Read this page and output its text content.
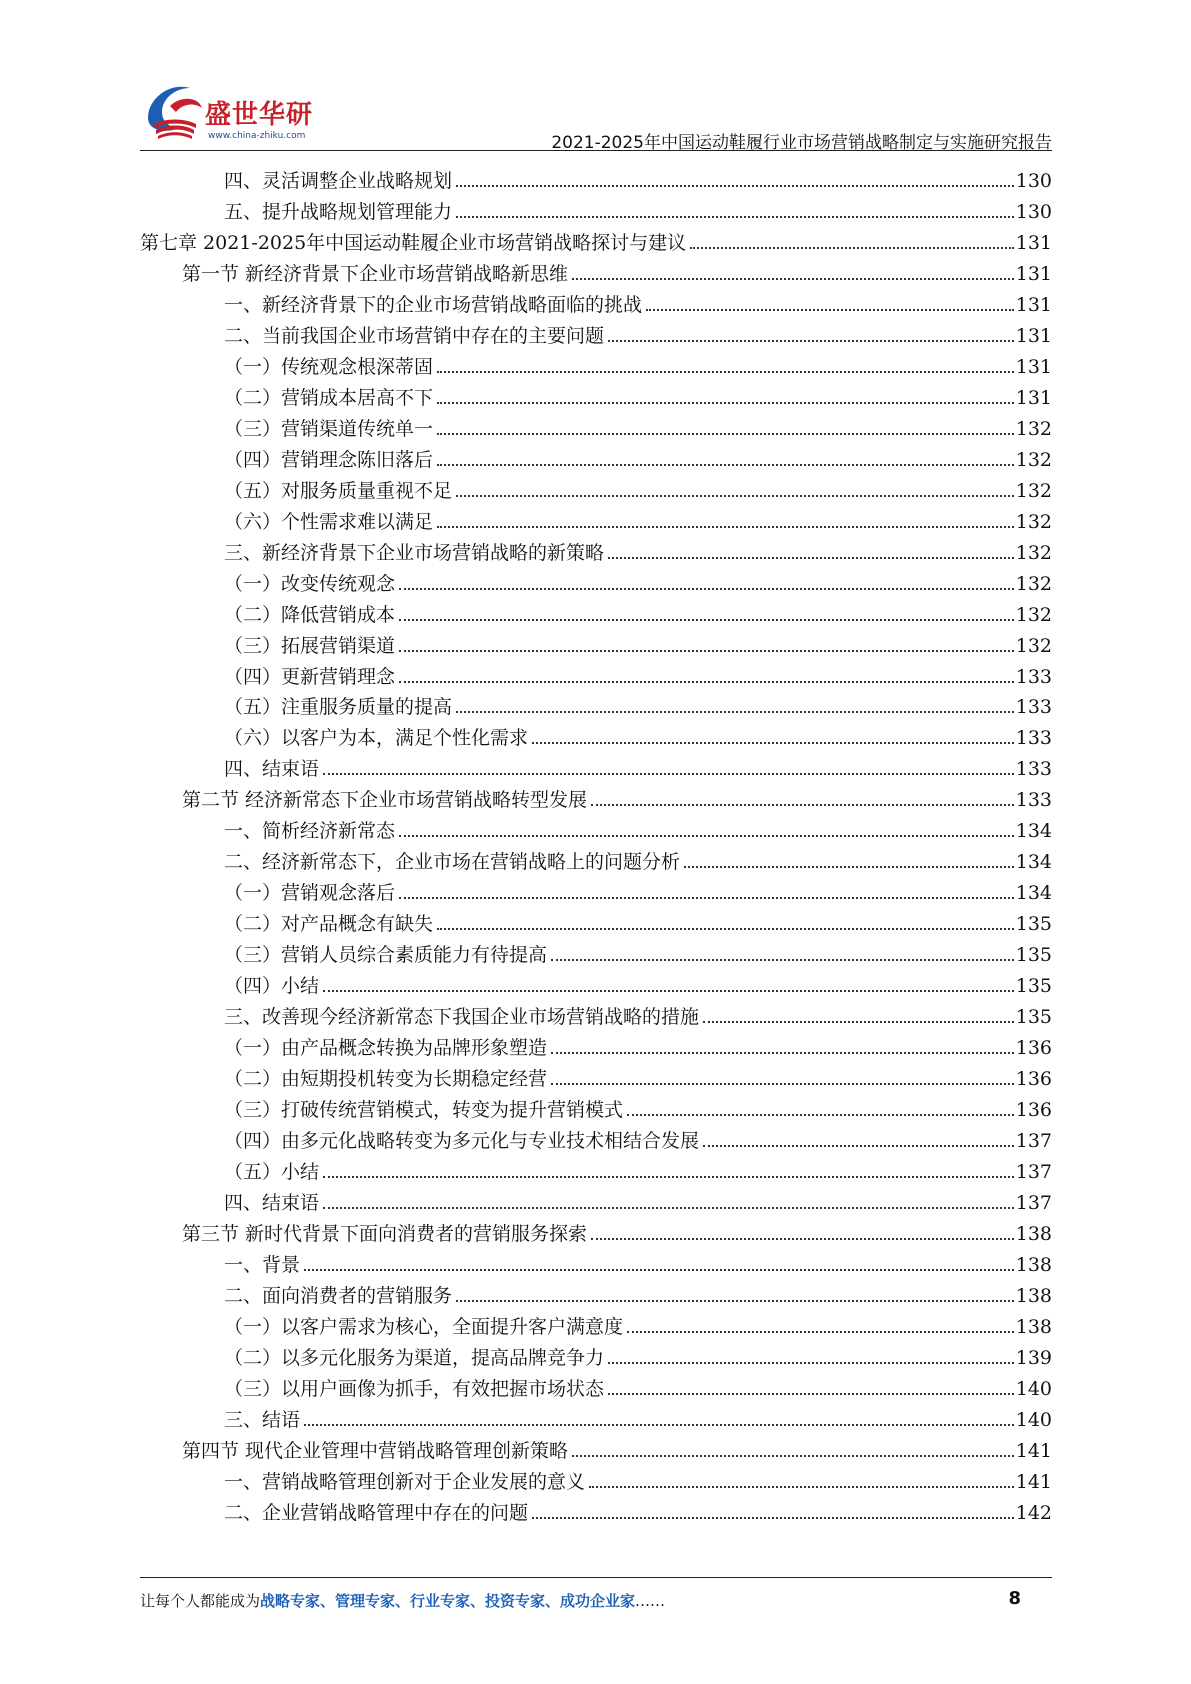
盛世华研
www.china-zhiku.com	2021-2025年中国运动鞋履行业市场营销战略制定与实施研究报告
四、灵活调整企业战略规划	130
五、提升战略规划管理能力	130
第七章 2021-2025年中国运动鞋履企业市场营销战略探讨与建议	131
第一节 新经济背景下企业市场营销战略新思维	131
一、新经济背景下的企业市场营销战略面临的挑战	131
二、当前我国企业市场营销中存在的主要问题	131
（一）传统观念根深蒂固	131
（二）营销成本居高不下	131
（三）营销渠道传统单一	132
（四）营销理念陈旧落后	132
（五）对服务质量重视不足	132
（六）个性需求难以满足	132
三、新经济背景下企业市场营销战略的新策略	132
（一）改变传统观念	132
（二）降低营销成本	132
（三）拓展营销渠道	132
（四）更新营销理念	133
（五）注重服务质量的提高	133
（六）以客户为本，满足个性化需求	133
四、结束语	133
第二节 经济新常态下企业市场营销战略转型发展	133
一、简析经济新常态	134
二、经济新常态下，企业市场在营销战略上的问题分析	134
（一）营销观念落后	134
（二）对产品概念有缺失	135
（三）营销人员综合素质能力有待提高	135
（四）小结	135
三、改善现今经济新常态下我国企业市场营销战略的措施	135
（一）由产品概念转换为品牌形象塑造	136
（二）由短期投机转变为长期稳定经营	136
（三）打破传统营销模式，转变为提升营销模式	136
（四）由多元化战略转变为多元化与专业技术相结合发展	137
（五）小结	137
四、结束语	137
第三节 新时代背景下面向消费者的营销服务探索	138
一、背景	138
二、面向消费者的营销服务	138
（一）以客户需求为核心，全面提升客户满意度	138
（二）以多元化服务为渠道，提高品牌竞争力	139
（三）以用户画像为抓手，有效把握市场状态	140
三、结语	140
第四节 现代企业管理中营销战略管理创新策略	141
一、营销战略管理创新对于企业发展的意义	141
二、企业营销战略管理中存在的问题	142
让每个人都能成为战略专家、管理专家、行业专家、投资专家、成功企业家……	8
